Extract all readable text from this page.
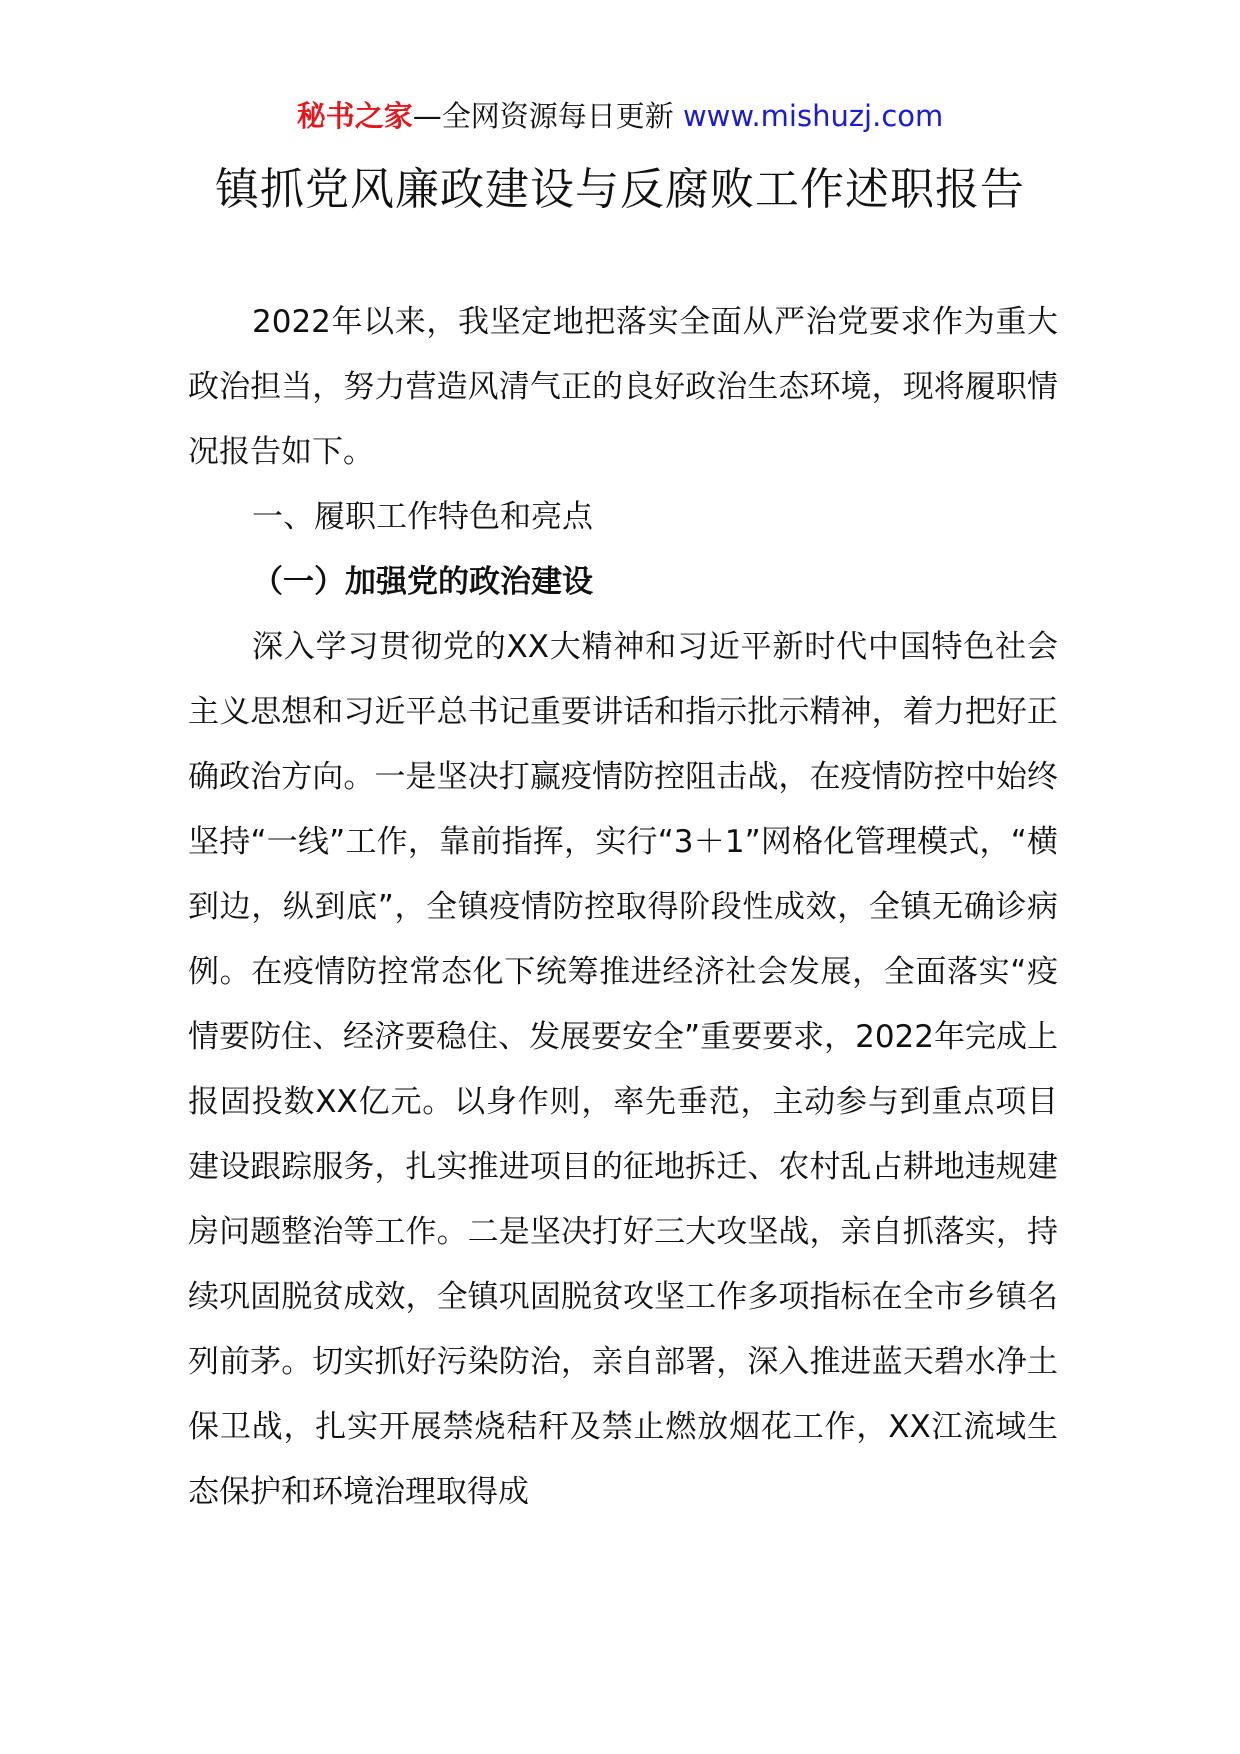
秘书之家—全网资源每日更新 www.mishuzj.com
镇抓党风廉政建设与反腐败工作述职报告

2022年以来，我坚定地把落实全面从严治党要求作为重大政治担当，努力营造风清气正的良好政治生态环境，现将履职情况报告如下。

一、履职工作特色和亮点

（一）加强党的政治建设

深入学习贯彻党的XX大精神和习近平新时代中国特色社会主义思想和习近平总书记重要讲话和指示批示精神，着力把好正确政治方向。一是坚决打赢疫情防控阻击战，在疫情防控中始终坚持“一线”工作，靠前指挥，实行“3＋1”网格化管理模式，“横到边，纵到底”，全镇疫情防控取得阶段性成效，全镇无确诊病例。在疫情防控常态化下统筹推进经济社会发展，全面落实“疫情要防住、经济要稳住、发展要安全”重要要求，2022年完成上报固投数XX亿元。以身作则，率先垂范，主动参与到重点项目建设跟踪服务，扎实推进项目的征地拆迁、农村乱占耕地违规建房问题整治等工作。二是坚决打好三大攻坚战，亲自抓落实，持续巩固脱贫成效，全镇巩固脱贫攻坚工作多项指标在全市乡镇名列前茅。切实抓好污染防治，亲自部署，深入推进蓝天碧水净土保卫战，扎实开展禁烧秸秆及禁止燃放烟花工作，XX江流域生态保护和环境治理取得成
